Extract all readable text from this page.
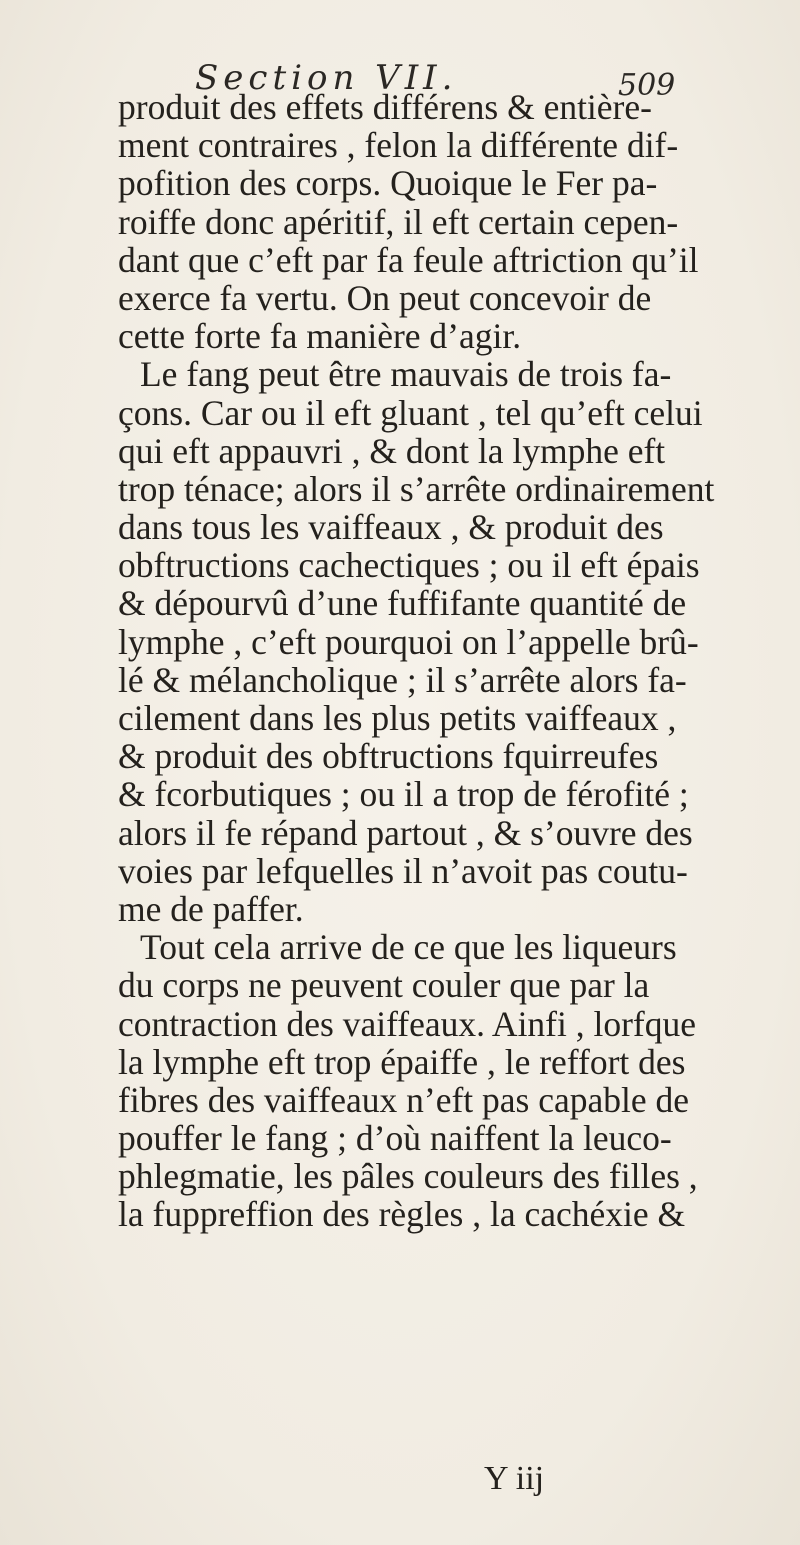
Section VII.	509
produit des effets différens & entière-
ment contraires , felon la différente dif-
pofition des corps. Quoique le Fer pa-
roiffe donc apéritif, il eft certain cepen-
dant que c’eft par fa feule aftriction qu’il
exerce fa vertu. On peut concevoir de
cette forte fa manière d’agir.
Le fang peut être mauvais de trois fa-
çons. Car ou il eft gluant , tel qu’eft celui
qui eft appauvri , & dont la lymphe eft
trop ténace; alors il s’arrête ordinairement
dans tous les vaiffeaux , & produit des
obftructions cachectiques ; ou il eft épais
& dépourvû d’une fuffifante quantité de
lymphe , c’eft pourquoi on l’appelle brû-
lé & mélancholique ; il s’arrête alors fa-
cilement dans les plus petits vaiffeaux ,
& produit des obftructions fquirreufes
& fcorbutiques ; ou il a trop de férofité ;
alors il fe répand partout , & s’ouvre des
voies par lefquelles il n’avoit pas coutu-
me de paffer.
Tout cela arrive de ce que les liqueurs
du corps ne peuvent couler que par la
contraction des vaiffeaux. Ainfi , lorfque
la lymphe eft trop épaiffe , le reffort des
fibres des vaiffeaux n’eft pas capable de
pouffer le fang ; d’où naiffent la leuco-
phlegmatie, les pâles couleurs des filles ,
la fuppreffion des règles , la cachéxie &
Y iij
